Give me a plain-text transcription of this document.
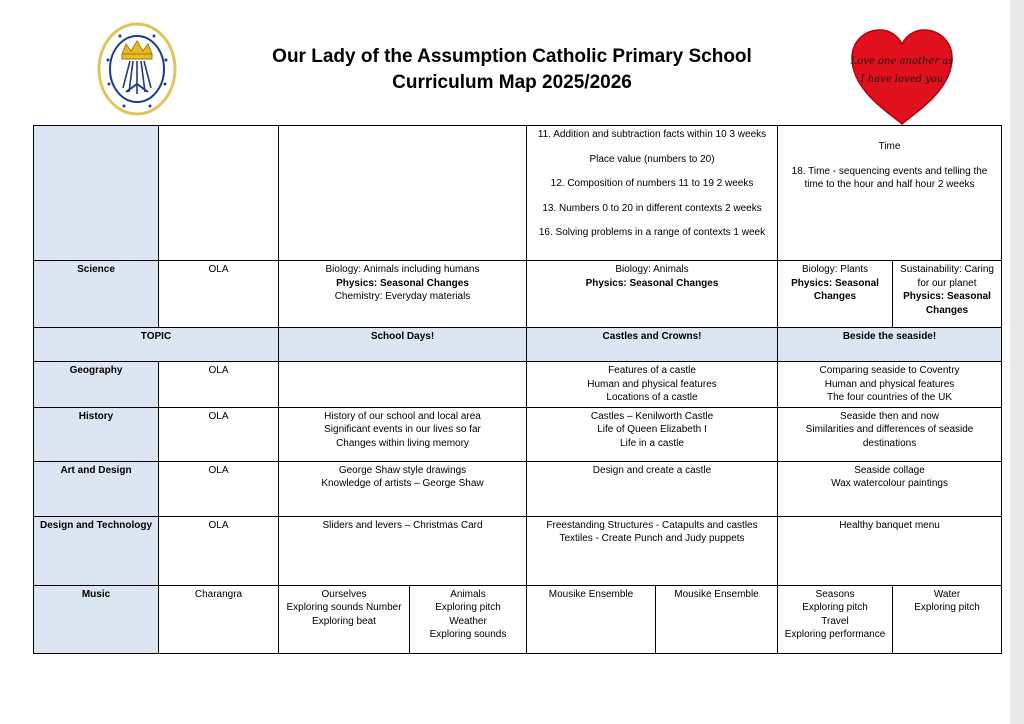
Love one another as
I have loved you
Our Lady of the Assumption Catholic Primary School
Curriculum Map 2025/2026

				11. Addition and subtraction facts within 10 3 weeks
Place value (numbers to 20)
12. Composition of numbers 11 to 19 2 weeks
13. Numbers 0 to 20 in different contexts 2 weeks
16. Solving problems in a range of contexts 1 week		Time
18. Time - sequencing events and telling the time to the hour and half hour 2 weeks	

Science	OLA	Biology: Animals including humans
Physics: Seasonal Changes
Chemistry: Everyday materials		Biology: Animals
Physics: Seasonal Changes		Biology: Plants
Physics: Seasonal Changes	Sustainability: Caring for our planet
Physics: Seasonal Changes

TOPIC		School Days!		Castles and Crowns!		Beside the seaside!	
Geography	OLA			Features of a castle
Human and physical features
Locations of a castle		Comparing seaside to Coventry
Human and physical features
The four countries of the UK	

History	OLA	History of our school and local area
Significant events in our lives so far
Changes within living memory		Castles – Kenilworth Castle
Life of Queen Elizabeth I
Life in a castle		Seaside then and now
Similarities and differences of seaside destinations	

Art and Design	OLA	George Shaw style drawings
Knowledge of artists – George Shaw		Design and create a castle		Seaside collage
Wax watercolour paintings	

Design and Technology	OLA	Sliders and levers – Christmas Card		Freestanding Structures - Catapults and castles
Textiles - Create Punch and Judy puppets		Healthy banquet menu	

Music	Charangra	Ourselves
Exploring sounds Number
Exploring beat	Animals
Exploring pitch
Weather
Exploring sounds	Mousike Ensemble	Mousike Ensemble	Seasons
Exploring pitch
Travel
Exploring performance	Water
Exploring pitch
